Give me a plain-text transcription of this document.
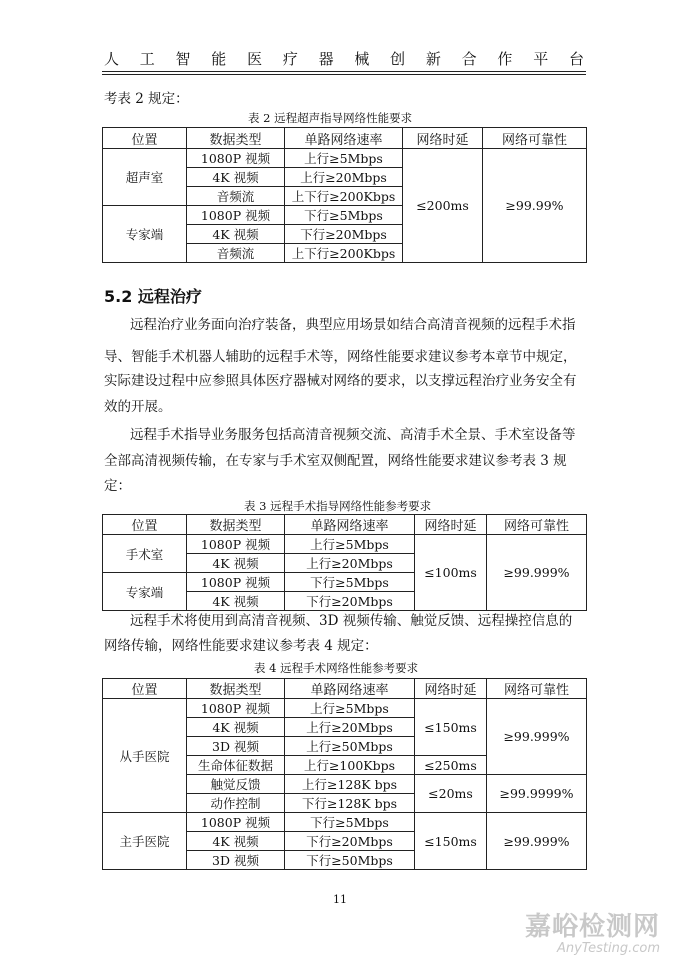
人 工 智 能 医 疗 器 械 创 新 合 作 平 台
考表 2 规定：
表 2 远程超声指导网络性能要求
位置	数据类型	单路网络速率	网络时延	网络可靠性
超声室	1080P 视频	上行≥5Mbps	≤200ms	≥99.99%
	4K 视频	上行≥20Mbps		
	音频流	上下行≥200Kbps		
专家端	1080P 视频	下行≥5Mbps		
	4K 视频	下行≥20Mbps		
	音频流	上下行≥200Kbps		
5.2 远程治疗
远程治疗业务面向治疗装备，典型应用场景如结合高清音视频的远程手术指
导、智能手术机器人辅助的远程手术等，网络性能要求建议参考本章节中规定，
实际建设过程中应参照具体医疗器械对网络的要求，以支撑远程治疗业务安全有
效的开展。
远程手术指导业务服务包括高清音视频交流、高清手术全景、手术室设备等
全部高清视频传输，在专家与手术室双侧配置，网络性能要求建议参考表 3 规
定：
表 3 远程手术指导网络性能参考要求
位置	数据类型	单路网络速率	网络时延	网络可靠性
手术室	1080P 视频	上行≥5Mbps	≤100ms	≥99.999%
	4K 视频	上行≥20Mbps		
专家端	1080P 视频	下行≥5Mbps		
	4K 视频	下行≥20Mbps		
远程手术将使用到高清音视频、3D 视频传输、触觉反馈、远程操控信息的
网络传输，网络性能要求建议参考表 4 规定：
表 4 远程手术网络性能参考要求
位置	数据类型	单路网络速率	网络时延	网络可靠性
从手医院	1080P 视频	上行≥5Mbps	≤150ms	≥99.999%
	4K 视频	上行≥20Mbps		
	3D 视频	上行≥50Mbps		
	生命体征数据	上行≥100Kbps	≤250ms	
	触觉反馈	上行≥128K bps	≤20ms	≥99.9999%
	动作控制	下行≥128K bps		
主手医院	1080P 视频	下行≥5Mbps	≤150ms	≥99.999%
	4K 视频	下行≥20Mbps		
	3D 视频	下行≥50Mbps		
11
嘉峪检测网
AnyTesting.com
